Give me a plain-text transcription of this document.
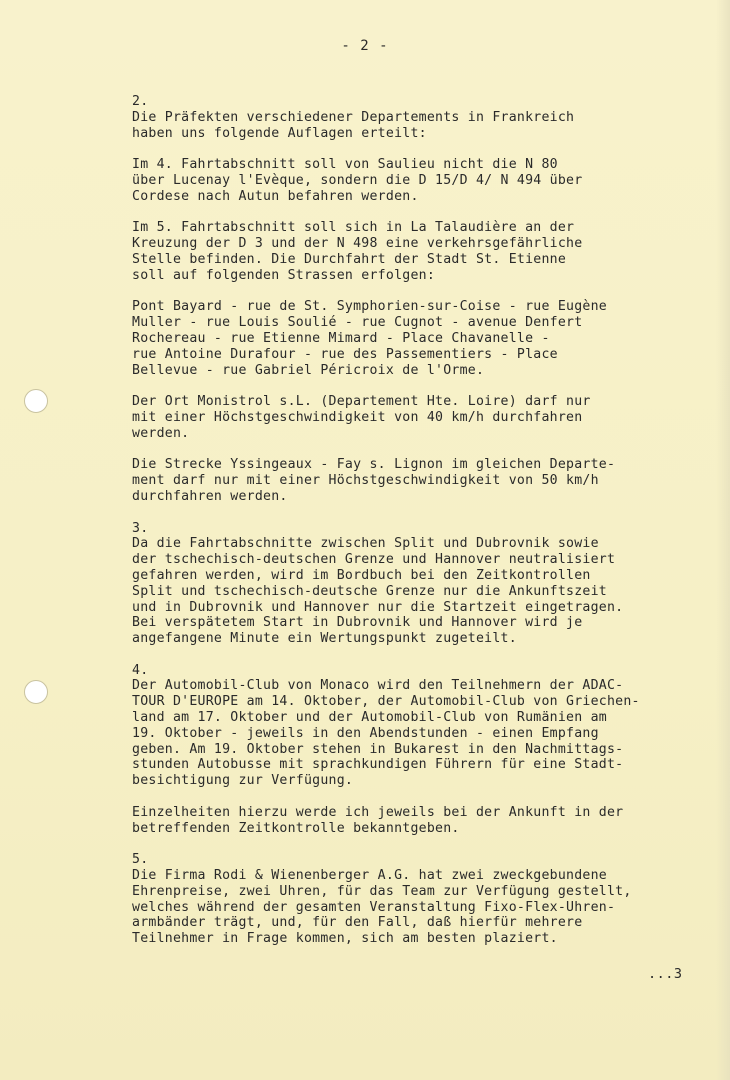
- 2 -
2.
Die Präfekten verschiedener Departements in Frankreich
haben uns folgende Auflagen erteilt:
Im 4. Fahrtabschnitt soll von Saulieu nicht die N 80
über Lucenay l'Evèque, sondern die D 15/D 4/ N 494 über
Cordese nach Autun befahren werden.
Im 5. Fahrtabschnitt soll sich in La Talaudière an der
Kreuzung der D 3 und der N 498 eine verkehrsgefährliche
Stelle befinden. Die Durchfahrt der Stadt St. Etienne
soll auf folgenden Strassen erfolgen:
Pont Bayard - rue de St. Symphorien-sur-Coise - rue Eugène
Muller - rue Louis Soulié - rue Cugnot - avenue Denfert
Rochereau - rue Etienne Mimard - Place Chavanelle -
rue Antoine Durafour - rue des Passementiers - Place
Bellevue - rue Gabriel Péricroix de l'Orme.
Der Ort Monistrol s.L. (Departement Hte. Loire) darf nur
mit einer Höchstgeschwindigkeit von 40 km/h durchfahren
werden.
Die Strecke Yssingeaux - Fay s. Lignon im gleichen Departe-
ment darf nur mit einer Höchstgeschwindigkeit von 50 km/h
durchfahren werden.
3.
Da die Fahrtabschnitte zwischen Split und Dubrovnik sowie
der tschechisch-deutschen Grenze und Hannover neutralisiert
gefahren werden, wird im Bordbuch bei den Zeitkontrollen
Split und tschechisch-deutsche Grenze nur die Ankunftszeit
und in Dubrovnik und Hannover nur die Startzeit eingetragen.
Bei verspätetem Start in Dubrovnik und Hannover wird je
angefangene Minute ein Wertungspunkt zugeteilt.
4.
Der Automobil-Club von Monaco wird den Teilnehmern der ADAC-
TOUR D'EUROPE am 14. Oktober, der Automobil-Club von Griechen-
land am 17. Oktober und der Automobil-Club von Rumänien am
19. Oktober - jeweils in den Abendstunden - einen Empfang
geben. Am 19. Oktober stehen in Bukarest in den Nachmittags-
stunden Autobusse mit sprachkundigen Führern für eine Stadt-
besichtigung zur Verfügung.
Einzelheiten hierzu werde ich jeweils bei der Ankunft in der
betreffenden Zeitkontrolle bekanntgeben.
5.
Die Firma Rodi & Wienenberger A.G. hat zwei zweckgebundene
Ehrenpreise, zwei Uhren, für das Team zur Verfügung gestellt,
welches während der gesamten Veranstaltung Fixo-Flex-Uhren-
armbänder trägt, und, für den Fall, daß hierfür mehrere
Teilnehmer in Frage kommen, sich am besten plaziert.
...3
